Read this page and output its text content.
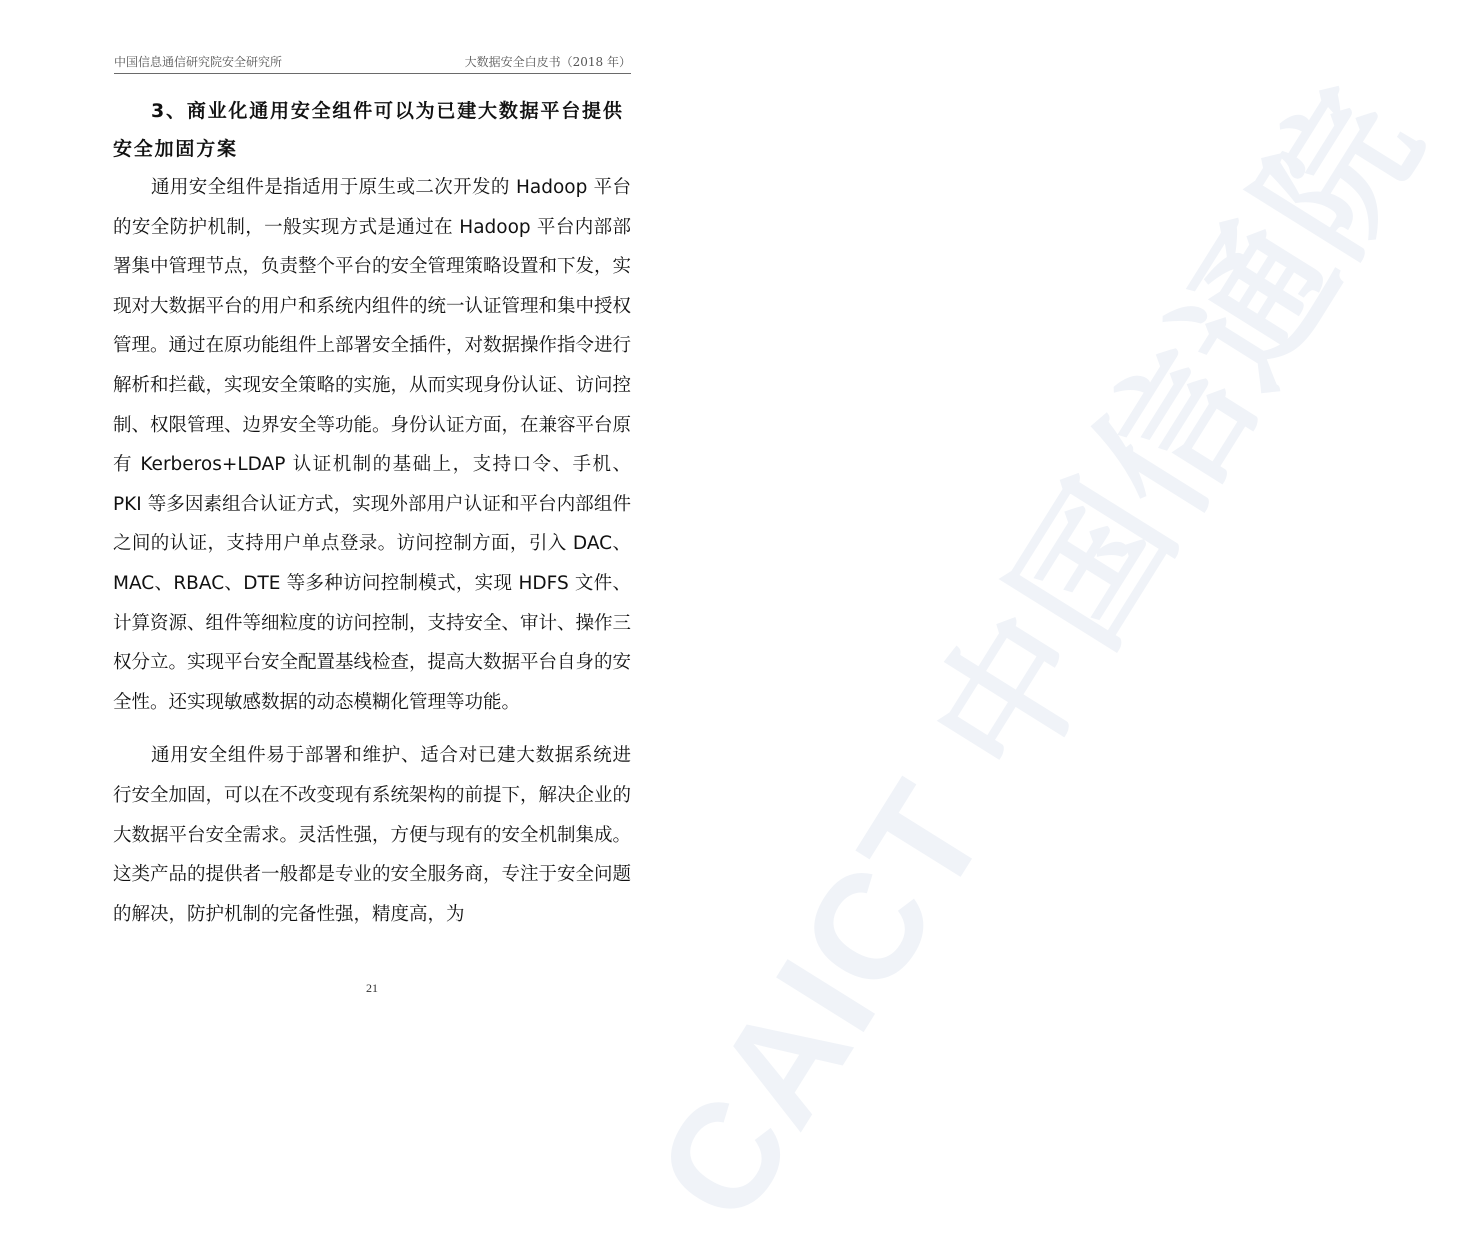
CAICT 中国信通院
中国信息通信研究院安全研究所	大数据安全白皮书（2018 年）

3、商业化通用安全组件可以为已建大数据平台提供安全加固方案

通用安全组件是指适用于原生或二次开发的 Hadoop 平台的安全防护机制，一般实现方式是通过在 Hadoop 平台内部部署集中管理节点，负责整个平台的安全管理策略设置和下发，实现对大数据平台的用户和系统内组件的统一认证管理和集中授权管理。通过在原功能组件上部署安全插件，对数据操作指令进行解析和拦截，实现安全策略的实施，从而实现身份认证、访问控制、权限管理、边界安全等功能。身份认证方面，在兼容平台原有 Kerberos+LDAP 认证机制的基础上，支持口令、手机、PKI 等多因素组合认证方式，实现外部用户认证和平台内部组件之间的认证，支持用户单点登录。访问控制方面，引入 DAC、MAC、RBAC、DTE 等多种访问控制模式，实现 HDFS 文件、计算资源、组件等细粒度的访问控制，支持安全、审计、操作三权分立。实现平台安全配置基线检查，提高大数据平台自身的安全性。还实现敏感数据的动态模糊化管理等功能。

通用安全组件易于部署和维护、适合对已建大数据系统进行安全加固，可以在不改变现有系统架构的前提下，解决企业的大数据平台安全需求。灵活性强，方便与现有的安全机制集成。这类产品的提供者一般都是专业的安全服务商，专注于安全问题的解决，防护机制的完备性强，精度高，为

21
